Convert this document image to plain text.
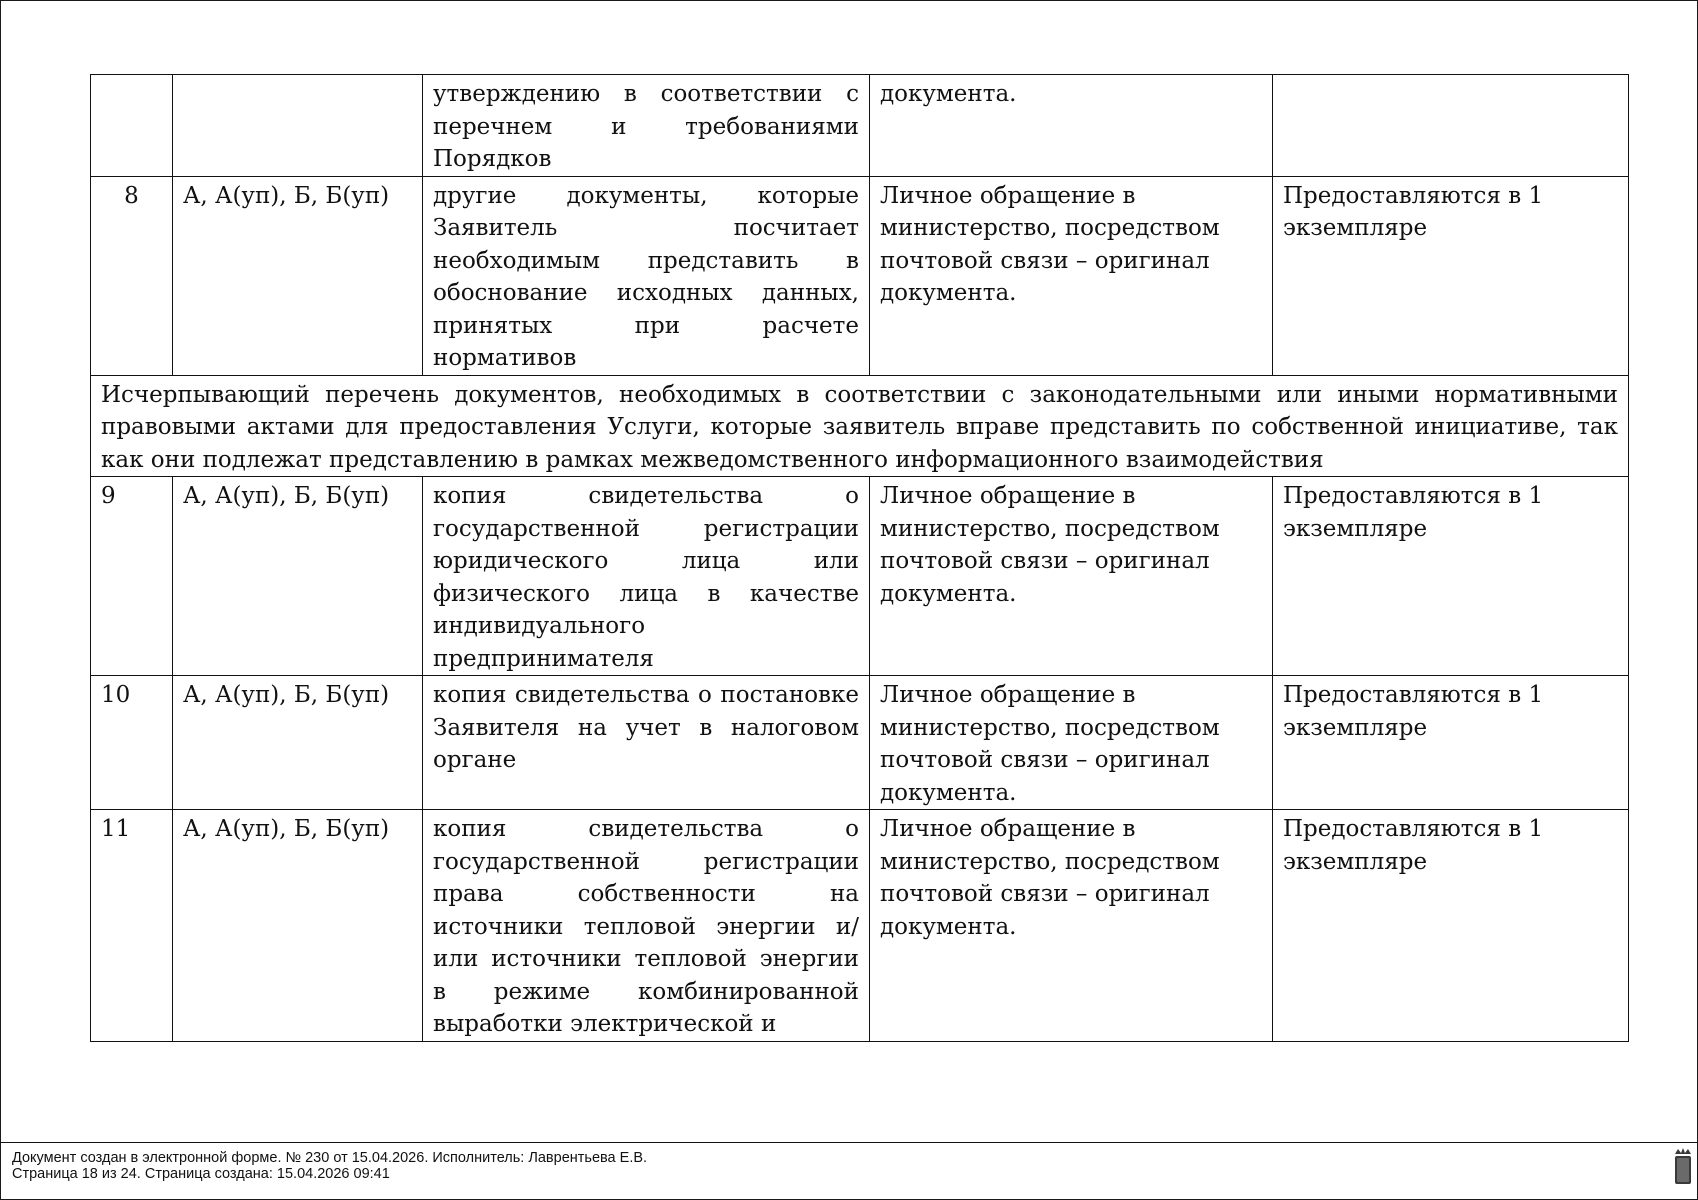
		утверждению в соответствии с перечнем и требованиями Порядков	документа.	
8	А, А(уп), Б, Б(уп)	другие документы, которые Заявитель посчитает необходимым представить в обоснование исходных данных, принятых при расчете нормативов	Личное обращение в министерство, посредством почтовой связи – оригинал документа.	Предоставляются в 1 экземпляре
Исчерпывающий перечень документов, необходимых в соответствии с законодательными или иными нормативными правовыми актами для предоставления Услуги, которые заявитель вправе представить по собственной инициативе, так как они подлежат представлению в рамках межведомственного информационного взаимодействия				
9	А, А(уп), Б, Б(уп)	копия свидетельства о государственной регистрации юридического лица или физического лица в качестве индивидуального предпринимателя	Личное обращение в министерство, посредством почтовой связи – оригинал документа.	Предоставляются в 1 экземпляре
10	А, А(уп), Б, Б(уп)	копия свидетельства о постановке Заявителя на учет в налоговом органе	Личное обращение в министерство, посредством почтовой связи – оригинал документа.	Предоставляются в 1 экземпляре
11	А, А(уп), Б, Б(уп)	копия свидетельства о государственной регистрации права собственности на источники тепловой энергии и/или источники тепловой энергии в режиме комбинированной выработки электрической и	Личное обращение в министерство, посредством почтовой связи – оригинал документа.	Предоставляются в 1 экземпляре
Документ создан в электронной форме. № 230 от 15.04.2026. Исполнитель: Лаврентьева Е.В.
Страница 18 из 24. Страница создана: 15.04.2026 09:41
